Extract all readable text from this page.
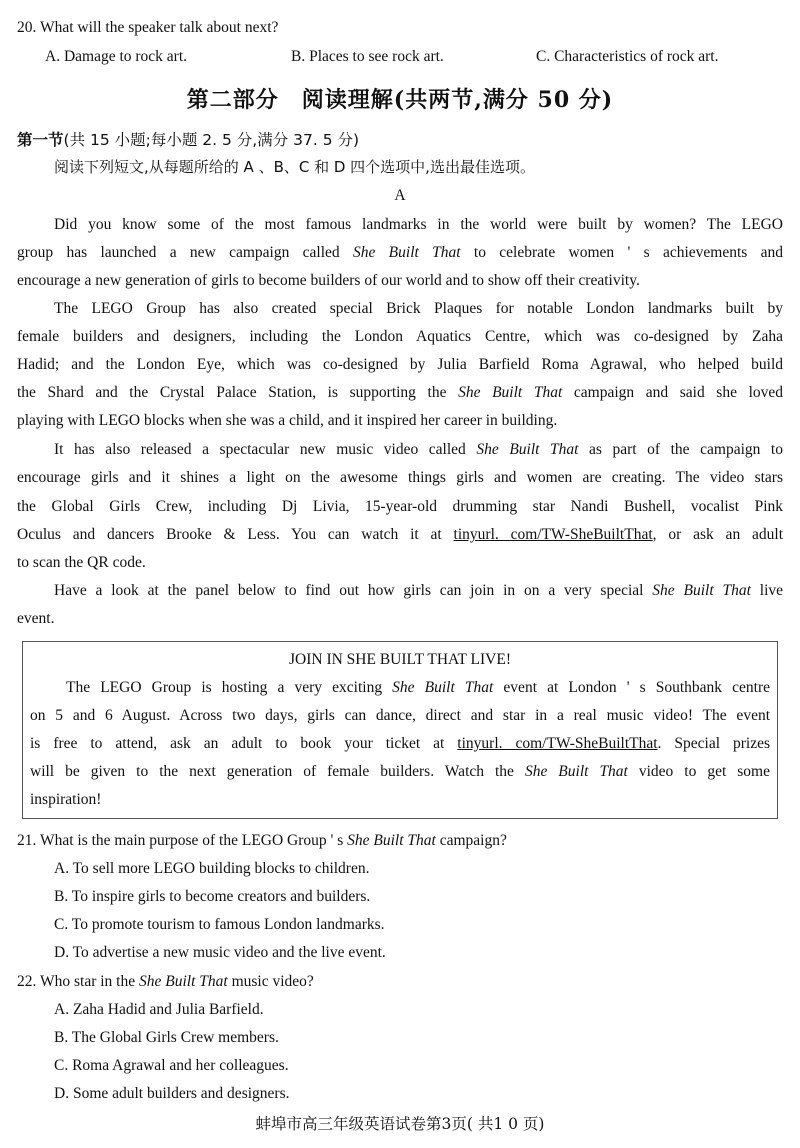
20. What will the speaker talk about next?
A. Damage to rock art.	B. Places to see rock art.	C. Characteristics of rock art.
第二部分　阅读理解(共两节,满分 50 分)
第一节(共 15 小题;每小题 2. 5 分,满分 37. 5 分)
阅读下列短文,从每题所给的 A 、B、C 和 D 四个选项中,选出最佳选项。
A
Did you know some of the most famous landmarks in the world were built by women? The LEGO
group has launched a new campaign called She Built That to celebrate women ' s achievements and
encourage a new generation of girls to become builders of our world and to show off their creativity.
The LEGO Group has also created special Brick Plaques for notable London landmarks built by
female builders and designers, including the London Aquatics Centre, which was co-designed by Zaha
Hadid; and the London Eye, which was co-designed by Julia Barfield Roma Agrawal, who helped build
the Shard and the Crystal Palace Station, is supporting the She Built That campaign and said she loved
playing with LEGO blocks when she was a child, and it inspired her career in building.
It has also released a spectacular new music video called She Built That as part of the campaign to
encourage girls and it shines a light on the awesome things girls and women are creating. The video stars
the Global Girls Crew, including Dj Livia, 15-year-old drumming star Nandi Bushell, vocalist Pink
Oculus and dancers Brooke & Less. You can watch it at tinyurl. com/TW-SheBuiltThat, or ask an adult
to scan the QR code.
Have a look at the panel below to find out how girls can join in on a very special She Built That live
event.
JOIN IN SHE BUILT THAT LIVE!
The LEGO Group is hosting a very exciting She Built That event at London ' s Southbank centre
on 5 and 6 August. Across two days, girls can dance, direct and star in a real music video! The event
is free to attend, ask an adult to book your ticket at tinyurl. com/TW-SheBuiltThat. Special prizes
will be given to the next generation of female builders. Watch the She Built That video to get some
inspiration!
21. What is the main purpose of the LEGO Group ' s She Built That campaign?
A. To sell more LEGO building blocks to children.
B. To inspire girls to become creators and builders.
C. To promote tourism to famous London landmarks.
D. To advertise a new music video and the live event.
22. Who star in the She Built That music video?
A. Zaha Hadid and Julia Barfield.
B. The Global Girls Crew members.
C. Roma Agrawal and her colleagues.
D. Some adult builders and designers.
蚌埠市高三年级英语试卷第3页( 共1 0 页)
